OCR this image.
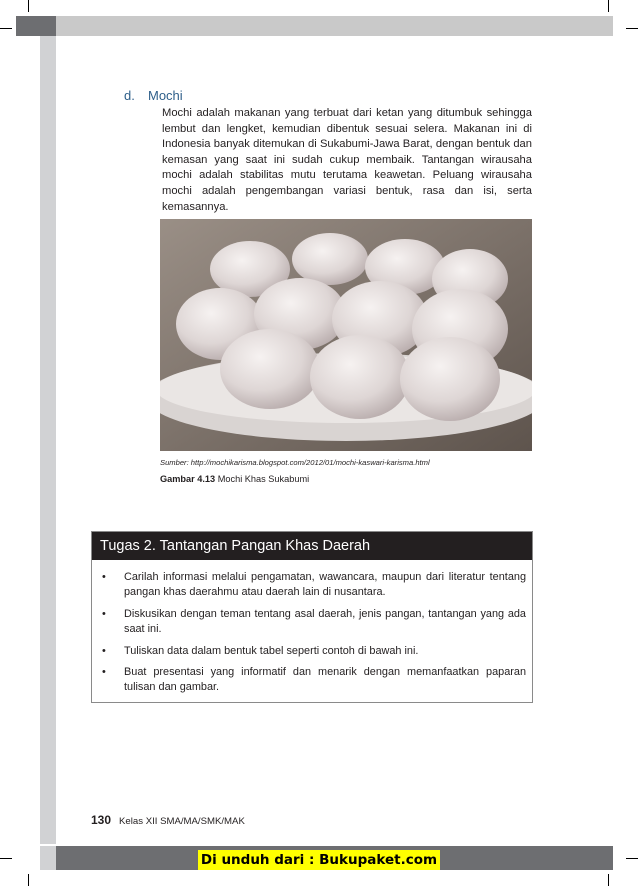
d. Mochi
Mochi adalah makanan yang terbuat dari ketan yang ditumbuk sehingga lembut dan lengket, kemudian dibentuk sesuai selera. Makanan ini di Indonesia banyak ditemukan di Sukabumi-Jawa Barat, dengan bentuk dan kemasan yang saat ini sudah cukup membaik. Tantangan wirausaha mochi adalah stabilitas mutu terutama keawetan. Peluang wirausaha mochi adalah pengembangan variasi bentuk, rasa dan isi, serta kemasannya.
Sumber: http://mochikarisma.blogspot.com/2012/01/mochi-kaswari-karisma.html
Gambar 4.13 Mochi Khas Sukabumi
Tugas 2. Tantangan Pangan Khas Daerah
• Carilah informasi melalui pengamatan, wawancara, maupun dari literatur tentang pangan khas daerahmu atau daerah lain di nusantara.
• Diskusikan dengan teman tentang asal daerah, jenis pangan, tantangan yang ada saat ini.
• Tuliskan data dalam bentuk tabel seperti contoh di bawah ini.
• Buat presentasi yang informatif dan menarik dengan memanfaatkan paparan tulisan dan gambar.
130 Kelas XII SMA/MA/SMK/MAK
Di unduh dari : Bukupaket.com
